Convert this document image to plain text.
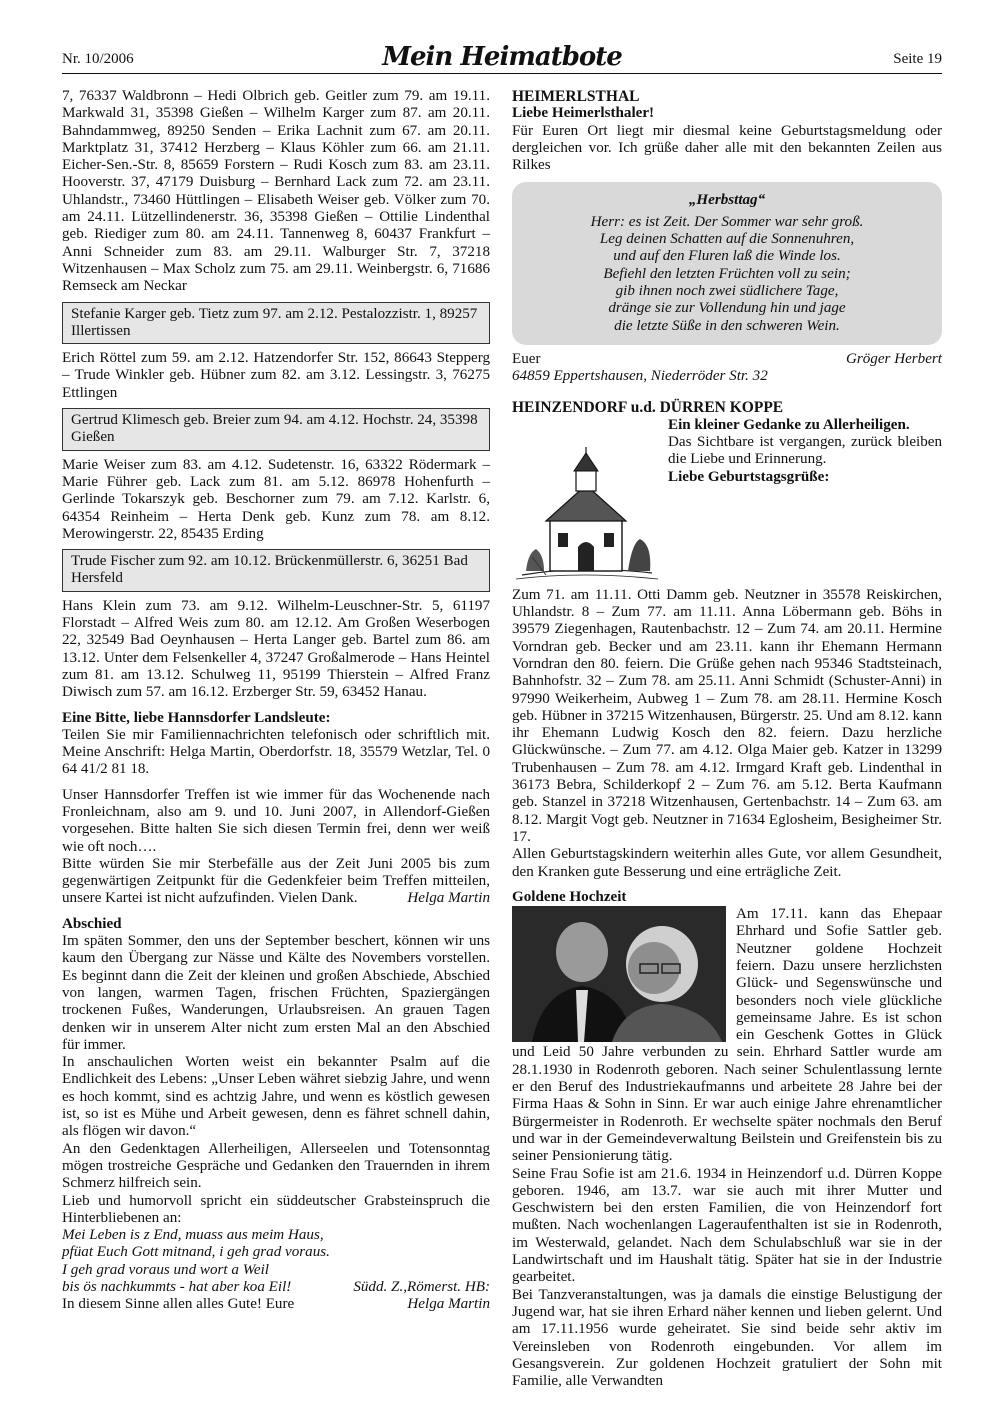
Nr. 10/2006	Mein Heimatbote	Seite 19

7, 76337 Waldbronn – Hedi Olbrich geb. Geitler zum 79. am 19.11. Markwald 31, 35398 Gießen – Wilhelm Karger zum 87. am 20.11. Bahndammweg, 89250 Senden – Erika Lachnit zum 67. am 20.11. Marktplatz 31, 37412 Herzberg – Klaus Köhler zum 66. am 21.11. Eicher-Sen.-Str. 8, 85659 Forstern – Rudi Kosch zum 83. am 23.11. Hooverstr. 37, 47179 Duisburg – Bernhard Lack zum 72. am 23.11. Uhlandstr., 73460 Hüttlingen – Elisabeth Weiser geb. Völker zum 70. am 24.11. Lützellindenerstr. 36, 35398 Gießen – Ottilie Lindenthal geb. Riediger zum 80. am 24.11. Tannenweg 8, 60437 Frankfurt – Anni Schneider zum 83. am 29.11. Walburger Str. 7, 37218 Witzenhausen – Max Scholz zum 75. am 29.11. Weinbergstr. 6, 71686 Remseck am Neckar

Stefanie Karger geb. Tietz zum 97. am 2.12. Pestalozzistr. 1, 89257 Illertissen

Erich Röttel zum 59. am 2.12. Hatzendorfer Str. 152, 86643 Stepperg – Trude Winkler geb. Hübner zum 82. am 3.12. Lessingstr. 3, 76275 Ettlingen

Gertrud Klimesch geb. Breier zum 94. am 4.12. Hochstr. 24, 35398 Gießen

Marie Weiser zum 83. am 4.12. Sudetenstr. 16, 63322 Rödermark – Marie Führer geb. Lack zum 81. am 5.12. 86978 Hohenfurth – Gerlinde Tokarszyk geb. Beschorner zum 79. am 7.12. Karlstr. 6, 64354 Reinheim – Herta Denk geb. Kunz zum 78. am 8.12. Merowingerstr. 22, 85435 Erding

Trude Fischer zum 92. am 10.12. Brückenmüllerstr. 6, 36251 Bad Hersfeld

Hans Klein zum 73. am 9.12. Wilhelm-Leuschner-Str. 5, 61197 Florstadt – Alfred Weis zum 80. am 12.12. Am Großen Weserbogen 22, 32549 Bad Oeynhausen – Herta Langer geb. Bartel zum 86. am 13.12. Unter dem Felsenkeller 4, 37247 Großalmerode – Hans Heintel zum 81. am 13.12. Schulweg 11, 95199 Thierstein – Alfred Franz Diwisch zum 57. am 16.12. Erzberger Str. 59, 63452 Hanau.

Eine Bitte, liebe Hannsdorfer Landsleute:

Teilen Sie mir Familiennachrichten telefonisch oder schriftlich mit. Meine Anschrift: Helga Martin, Oberdorfstr. 18, 35579 Wetzlar, Tel. 0 64 41/2 81 18.

Unser Hannsdorfer Treffen ist wie immer für das Wochenende nach Fronleichnam, also am 9. und 10. Juni 2007, in Allendorf-Gießen vorgesehen. Bitte halten Sie sich diesen Termin frei, denn wer weiß wie oft noch….

Bitte würden Sie mir Sterbefälle aus der Zeit Juni 2005 bis zum gegenwärtigen Zeitpunkt für die Gedenkfeier beim Treffen mitteilen, unsere Kartei ist nicht aufzufinden. Vielen Dank.	Helga Martin

Abschied

Im späten Sommer, den uns der September beschert, können wir uns kaum den Übergang zur Nässe und Kälte des Novembers vorstellen. Es beginnt dann die Zeit der kleinen und großen Abschiede, Abschied von langen, warmen Tagen, frischen Früchten, Spaziergängen trockenen Fußes, Wanderungen, Urlaubsreisen. An grauen Tagen denken wir in unserem Alter nicht zum ersten Mal an den Abschied für immer.

In anschaulichen Worten weist ein bekannter Psalm auf die Endlichkeit des Lebens: „Unser Leben währet siebzig Jahre, und wenn es hoch kommt, sind es achtzig Jahre, und wenn es köstlich gewesen ist, so ist es Mühe und Arbeit gewesen, denn es fähret schnell dahin, als flögen wir davon.“

An den Gedenktagen Allerheiligen, Allerseelen und Totensonntag mögen trostreiche Gespräche und Gedanken den Trauernden in ihrem Schmerz hilfreich sein.

Lieb und humorvoll spricht ein süddeutscher Grabsteinspruch die Hinterbliebenen an:

Mei Leben is z End, muass aus meim Haus,

pfüat Euch Gott mitnand, i geh grad voraus.

I geh grad voraus und wort a Weil

bis ös nachkummts - hat aber koa Eil!	Südd. Z.,Römerst. HB:
In diesem Sinne allen alles Gute! Eure	Helga Martin

HEIMERLSTHAL

Liebe Heimerlsthaler!

Für Euren Ort liegt mir diesmal keine Geburtstagsmeldung oder dergleichen vor. Ich grüße daher alle mit den bekannten Zeilen aus Rilkes

„Herbsttag“
Herr: es ist Zeit. Der Sommer war sehr groß.
Leg deinen Schatten auf die Sonnenuhren,
und auf den Fluren laß die Winde los.
Befiehl den letzten Früchten voll zu sein;
gib ihnen noch zwei südlichere Tage,
dränge sie zur Vollendung hin und jage
die letzte Süße in den schweren Wein.
Euer	Gröger Herbert

64859 Eppertshausen, Niederröder Str. 32

HEINZENDORF u.d. DÜRREN KOPPE

Ein kleiner Gedanke zu Allerheiligen.

Das Sichtbare ist vergangen, zurück bleiben die Liebe und Erinnerung.

Liebe Geburtstagsgrüße:

Zum 71. am 11.11. Otti Damm geb. Neutzner in 35578 Reiskirchen, Uhlandstr. 8 – Zum 77. am 11.11. Anna Löbermann geb. Böhs in 39579 Ziegenhagen, Rautenbachstr. 12 – Zum 74. am 20.11. Hermine Vorndran geb. Becker und am 23.11. kann ihr Ehemann Hermann Vorndran den 80. feiern. Die Grüße gehen nach 95346 Stadtsteinach, Bahnhofstr. 32 – Zum 78. am 25.11. Anni Schmidt (Schuster-Anni) in 97990 Weikerheim, Aubweg 1 – Zum 78. am 28.11. Hermine Kosch geb. Hübner in 37215 Witzenhausen, Bürgerstr. 25. Und am 8.12. kann ihr Ehemann Ludwig Kosch den 82. feiern. Dazu herzliche Glückwünsche. – Zum 77. am 4.12. Olga Maier geb. Katzer in 13299 Trubenhausen – Zum 78. am 4.12. Irmgard Kraft geb. Lindenthal in 36173 Bebra, Schilderkopf 2 – Zum 76. am 5.12. Berta Kaufmann geb. Stanzel in 37218 Witzenhausen, Gertenbachstr. 14 – Zum 63. am 8.12. Margit Vogt geb. Neutzner in 71634 Eglosheim, Besigheimer Str. 17.

Allen Geburtstagskindern weiterhin alles Gute, vor allem Gesundheit, den Kranken gute Besserung und eine erträgliche Zeit.

Goldene Hochzeit

Am 17.11. kann das Ehepaar Ehrhard und Sofie Sattler geb. Neutzner goldene Hochzeit feiern. Dazu unsere herzlichsten Glück- und Segenswünsche und besonders noch viele glückliche gemeinsame Jahre. Es ist schon ein Geschenk Gottes in Glück und Leid 50 Jahre verbunden zu sein. Ehrhard Sattler wurde am 28.1.1930 in Rodenroth geboren. Nach seiner Schulentlassung lernte er den Beruf des Industriekaufmanns und arbeitete 28 Jahre bei der Firma Haas & Sohn in Sinn. Er war auch einige Jahre ehrenamtlicher Bürgermeister in Rodenroth. Er wechselte später nochmals den Beruf und war in der Gemeindeverwaltung Beilstein und Greifenstein bis zu seiner Pensionierung tätig.

Seine Frau Sofie ist am 21.6. 1934 in Heinzendorf u.d. Dürren Koppe geboren. 1946, am 13.7. war sie auch mit ihrer Mutter und Geschwistern bei den ersten Familien, die von Heinzendorf fort mußten. Nach wochenlangen Lageraufenthalten ist sie in Rodenroth, im Westerwald, gelandet. Nach dem Schulabschluß war sie in der Landwirtschaft und im Haushalt tätig. Später hat sie in der Industrie gearbeitet.

Bei Tanzveranstaltungen, was ja damals die einstige Belustigung der Jugend war, hat sie ihren Erhard näher kennen und lieben gelernt. Und am 17.11.1956 wurde geheiratet. Sie sind beide sehr aktiv im Vereinsleben von Rodenroth eingebunden. Vor allem im Gesangsverein. Zur goldenen Hochzeit gratuliert der Sohn mit Familie, alle Verwandten
